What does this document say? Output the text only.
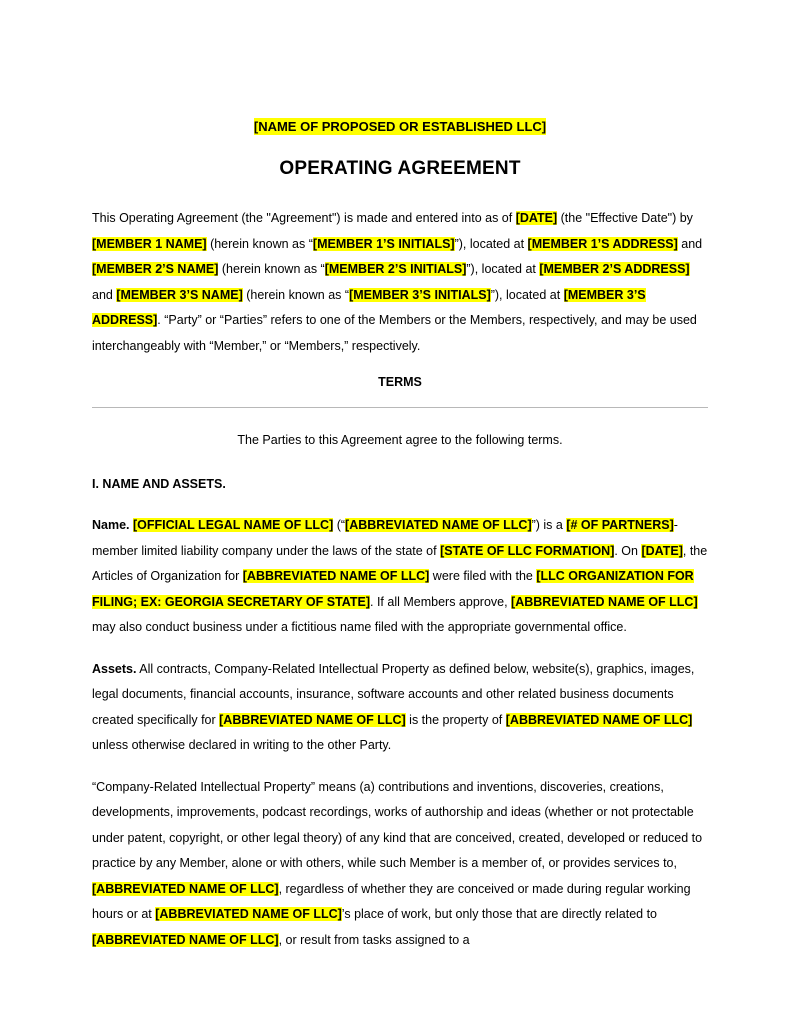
[NAME OF PROPOSED OR ESTABLISHED LLC]
OPERATING AGREEMENT

This Operating Agreement (the "Agreement") is made and entered into as of [DATE] (the "Effective Date") by [MEMBER 1 NAME] (herein known as “[MEMBER 1’S INITIALS]”), located at [MEMBER 1’S ADDRESS] and [MEMBER 2’S NAME] (herein known as “[MEMBER 2’S INITIALS]”), located at [MEMBER 2’S ADDRESS] and [MEMBER 3’S NAME] (herein known as “[MEMBER 3’S INITIALS]”), located at [MEMBER 3’S ADDRESS]. “Party” or “Parties” refers to one of the Members or the Members, respectively, and may be used interchangeably with “Member,” or “Members,” respectively.

TERMS
The Parties to this Agreement agree to the following terms.
I. NAME AND ASSETS.

Name. [OFFICIAL LEGAL NAME OF LLC] (“[ABBREVIATED NAME OF LLC]”) is a [# OF PARTNERS]-member limited liability company under the laws of the state of [STATE OF LLC FORMATION]. On [DATE], the Articles of Organization for [ABBREVIATED NAME OF LLC] were filed with the [LLC ORGANIZATION FOR FILING; EX: GEORGIA SECRETARY OF STATE]. If all Members approve, [ABBREVIATED NAME OF LLC] may also conduct business under a fictitious name filed with the appropriate governmental office.

Assets. All contracts, Company-Related Intellectual Property as defined below, website(s), graphics, images, legal documents, financial accounts, insurance, software accounts and other related business documents created specifically for [ABBREVIATED NAME OF LLC] is the property of [ABBREVIATED NAME OF LLC] unless otherwise declared in writing to the other Party.

“Company-Related Intellectual Property” means (a) contributions and inventions, discoveries, creations, developments, improvements, podcast recordings, works of authorship and ideas (whether or not protectable under patent, copyright, or other legal theory) of any kind that are conceived, created, developed or reduced to practice by any Member, alone or with others, while such Member is a member of, or provides services to, [ABBREVIATED NAME OF LLC], regardless of whether they are conceived or made during regular working hours or at [ABBREVIATED NAME OF LLC]’s place of work, but only those that are directly related to [ABBREVIATED NAME OF LLC], or result from tasks assigned to a
